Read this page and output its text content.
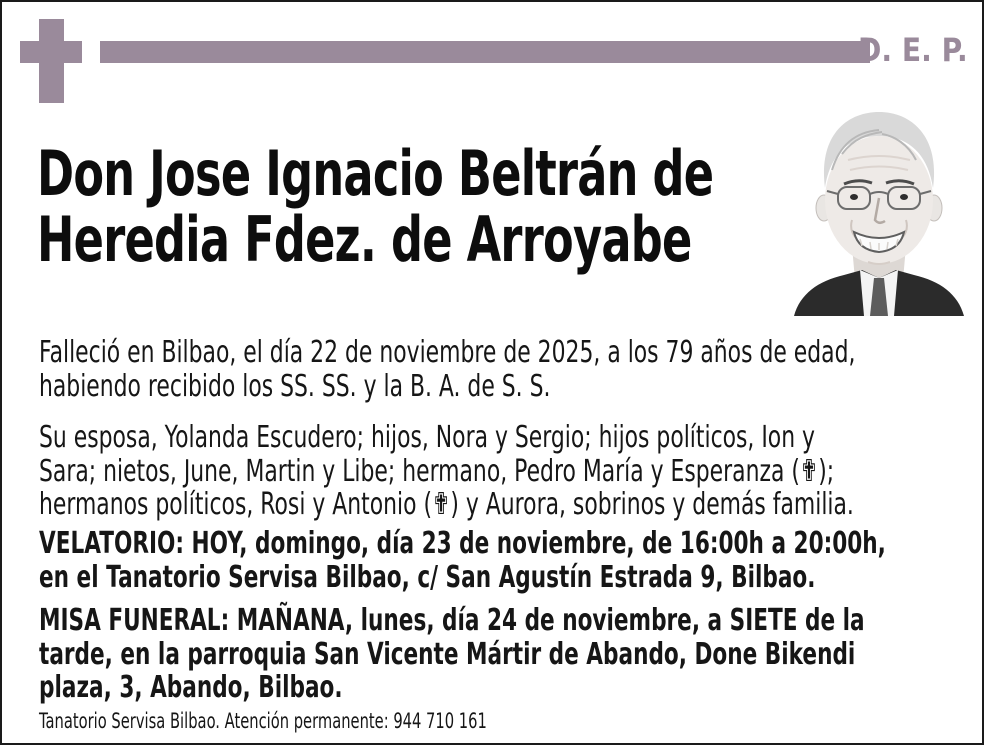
D. E. P.
Don Jose Ignacio Beltrán de
Heredia Fdez. de Arroyabe
Falleció en Bilbao, el día 22 de noviembre de 2025, a los 79 años de edad,
habiendo recibido los SS. SS. y la B. A. de S. S.
Su esposa, Yolanda Escudero; hijos, Nora y Sergio; hijos políticos, Ion y
Sara; nietos, June, Martin y Libe; hermano, Pedro María y Esperanza (✟);
hermanos políticos, Rosi y Antonio (✟) y Aurora, sobrinos y demás familia.
VELATORIO: HOY, domingo, día 23 de noviembre, de 16:00h a 20:00h,
en el Tanatorio Servisa Bilbao, c/ San Agustín Estrada 9, Bilbao.
MISA FUNERAL: MAÑANA, lunes, día 24 de noviembre, a SIETE de la
tarde, en la parroquia San Vicente Mártir de Abando, Done Bikendi
plaza, 3, Abando, Bilbao.
Tanatorio Servisa Bilbao. Atención permanente: 944 710 161
